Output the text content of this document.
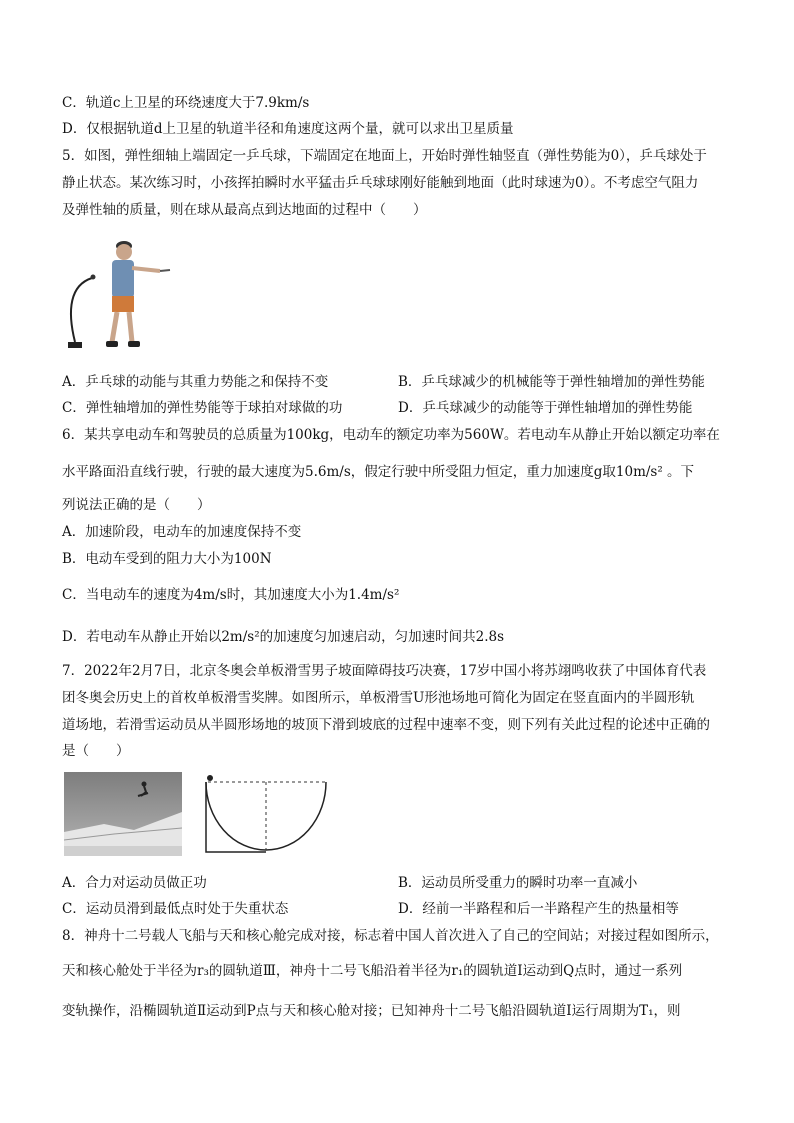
C．轨道c上卫星的环绕速度大于7.9km/s
D．仅根据轨道d上卫星的轨道半径和角速度这两个量，就可以求出卫星质量
5．如图，弹性细轴上端固定一乒乓球，下端固定在地面上，开始时弹性轴竖直（弹性势能为0），乒乓球处于
静止状态。某次练习时，小孩挥拍瞬时水平猛击乒乓球球刚好能触到地面（此时球速为0）。不考虑空气阻力
及弹性轴的质量，则在球从最高点到达地面的过程中（　　）
A．乒乓球的动能与其重力势能之和保持不变	B．乒乓球减少的机械能等于弹性轴增加的弹性势能
C．弹性轴增加的弹性势能等于球拍对球做的功	D．乒乓球减少的动能等于弹性轴增加的弹性势能
6．某共享电动车和驾驶员的总质量为100kg，电动车的额定功率为560W。若电动车从静止开始以额定功率在
水平路面沿直线行驶，行驶的最大速度为5.6m/s，假定行驶中所受阻力恒定，重力加速度g取10m/s² 。下
列说法正确的是（　　）
A．加速阶段，电动车的加速度保持不变
B．电动车受到的阻力大小为100N
C．当电动车的速度为4m/s时，其加速度大小为1.4m/s²
D．若电动车从静止开始以2m/s²的加速度匀加速启动，匀加速时间共2.8s
7．2022年2月7日，北京冬奥会单板滑雪男子坡面障碍技巧决赛，17岁中国小将苏翊鸣收获了中国体育代表
团冬奥会历史上的首枚单板滑雪奖牌。如图所示，单板滑雪U形池场地可简化为固定在竖直面内的半圆形轨
道场地，若滑雪运动员从半圆形场地的坡顶下滑到坡底的过程中速率不变，则下列有关此过程的论述中正确的
是（　　）
A．合力对运动员做正功	B．运动员所受重力的瞬时功率一直减小
C．运动员滑到最低点时处于失重状态	D．经前一半路程和后一半路程产生的热量相等
8．神舟十二号载人飞船与天和核心舱完成对接，标志着中国人首次进入了自己的空间站；对接过程如图所示，
天和核心舱处于半径为r₃的圆轨道Ⅲ，神舟十二号飞船沿着半径为r₁的圆轨道Ⅰ运动到Q点时，通过一系列
变轨操作，沿椭圆轨道Ⅱ运动到P点与天和核心舱对接；已知神舟十二号飞船沿圆轨道Ⅰ运行周期为T₁，则
